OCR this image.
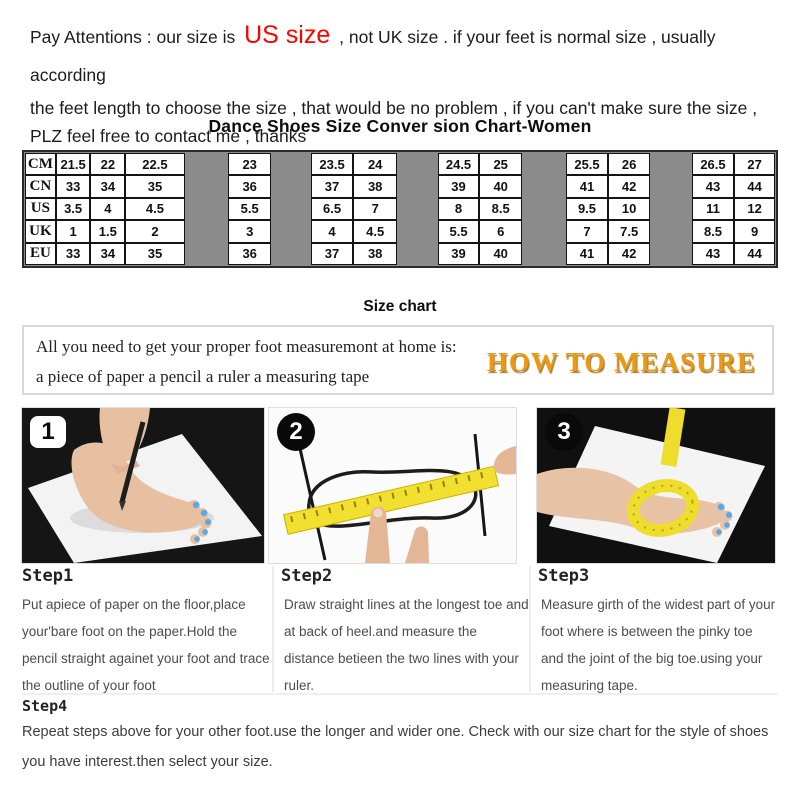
Pay Attentions : our size is US size , not UK size . if your feet is normal size , usually according
the feet length to choose the size , that would be no problem , if you can't make sure the size ,
PLZ feel free to contact me , thanks
Dance Shoes Size Conver sion Chart-Women
CM 21.5	22	22.5	23	23.5	24	24.5	25	25.5	26	26.5	27
CN	33	34	35	36	37	38	39	40	41	42	43	44
US	3.5	4	4.5	5.5	6.5	7	8	8.5	9.5	10	11	12
UK	1	1.5	2	3	4	4.5	5.5	6	7	7.5	8.5	9
EU	33	34	35	36	37	38	39	40	41	42	43	44
Size chart
All you need to get your proper foot measuremont at home is:
a piece of paper a pencil a ruler a measuring tape	HOW TO MEASURE
1	2	3
Step1
Put apiece of paper on the floor,place your'bare foot on the paper.Hold the pencil straight againet your foot and trace the outline of your foot
Step2
Draw straight lines at the longest toe and at back of heel.and measure the distance betieen the two lines with your ruler.
Step3
Measure girth of the widest part of your foot where is between the pinky toe and the joint of the big toe.using your measuring tape.
Step4
Repeat steps above for your other foot.use the longer and wider one. Check with our size chart for the style of shoes you have interest.then select your size.
